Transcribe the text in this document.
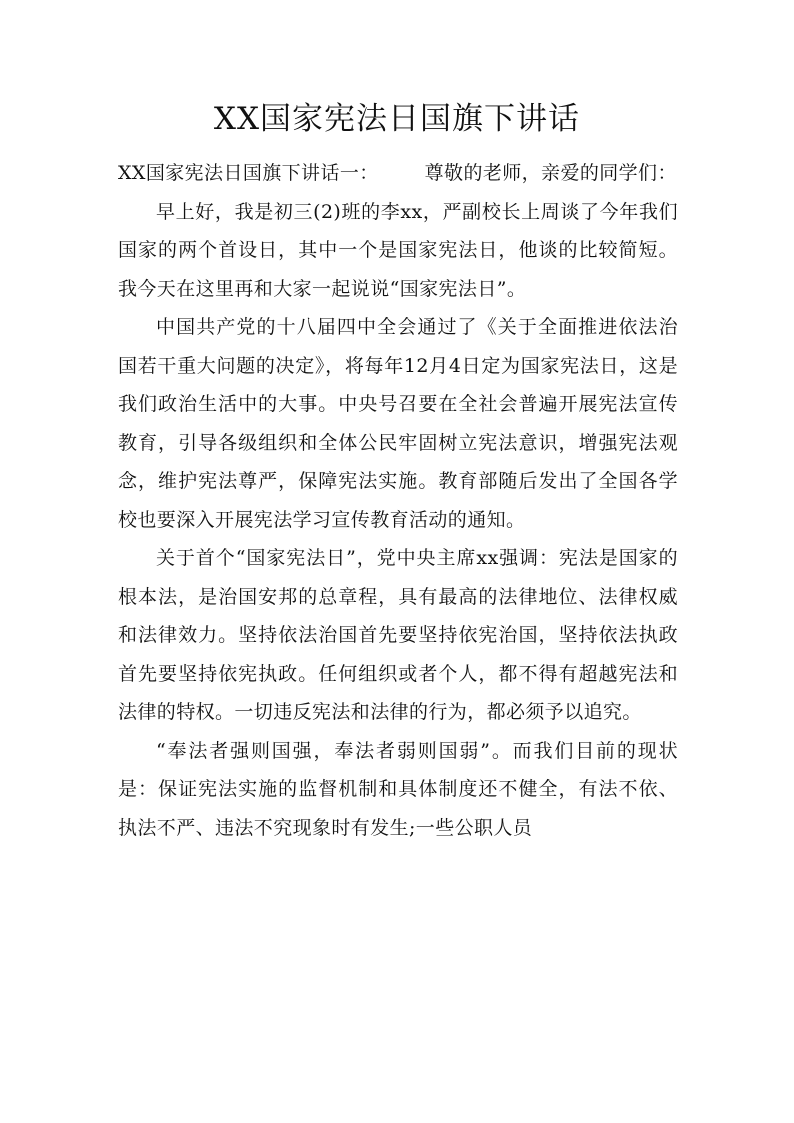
XX国家宪法日国旗下讲话

XX国家宪法日国旗下讲话一： 尊敬的老师，亲爱的同学们：

早上好，我是初三(2)班的李xx，严副校长上周谈了今年我们国家的两个首设日，其中一个是国家宪法日，他谈的比较简短。我今天在这里再和大家一起说说“国家宪法日”。

中国共产党的十八届四中全会通过了《关于全面推进依法治国若干重大问题的决定》，将每年12月4日定为国家宪法日，这是我们政治生活中的大事。中央号召要在全社会普遍开展宪法宣传教育，引导各级组织和全体公民牢固树立宪法意识，增强宪法观念，维护宪法尊严，保障宪法实施。教育部随后发出了全国各学校也要深入开展宪法学习宣传教育活动的通知。

关于首个“国家宪法日”，党中央主席xx强调：宪法是国家的根本法，是治国安邦的总章程，具有最高的法律地位、法律权威和法律效力。坚持依法治国首先要坚持依宪治国，坚持依法执政首先要坚持依宪执政。任何组织或者个人，都不得有超越宪法和法律的特权。一切违反宪法和法律的行为，都必须予以追究。

“奉法者强则国强，奉法者弱则国弱”。而我们目前的现状是：保证宪法实施的监督机制和具体制度还不健全，有法不依、执法不严、违法不究现象时有发生;一些公职人员
